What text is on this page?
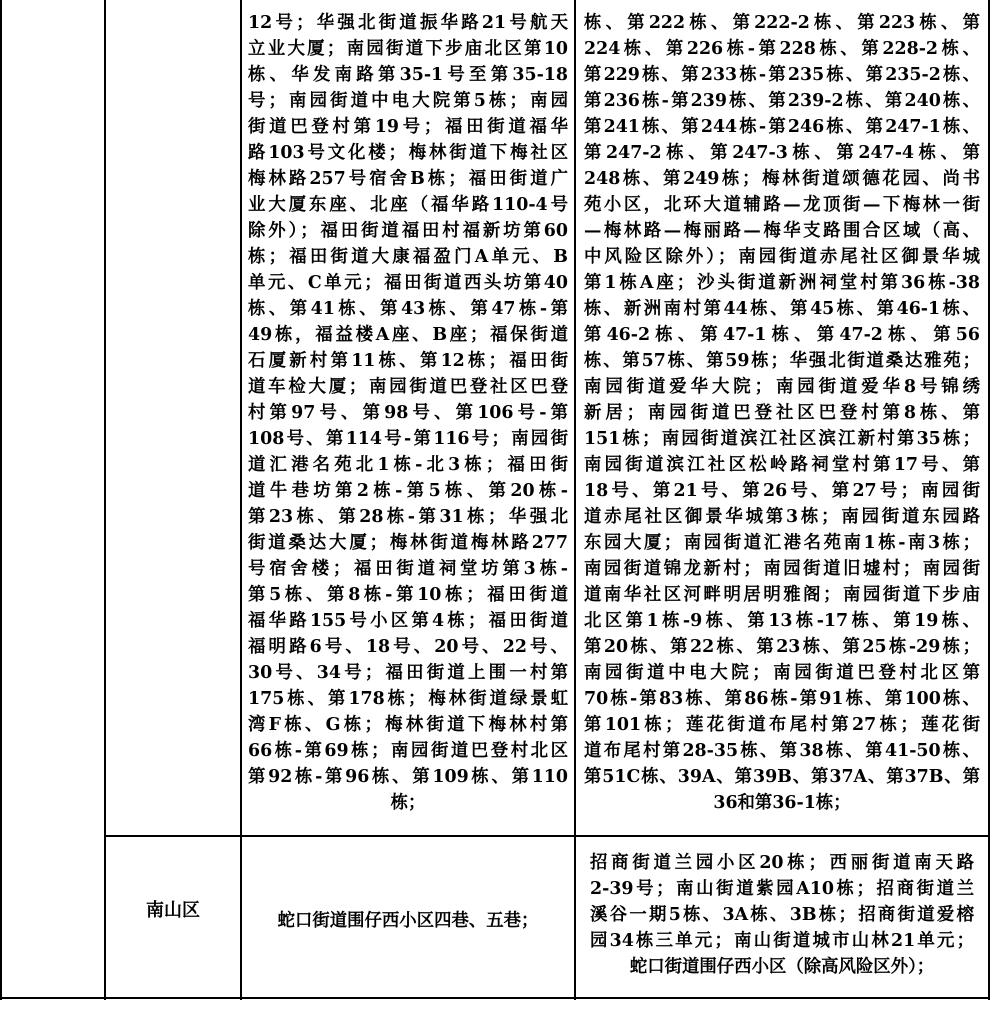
12号；华强北街道振华路21号航天
立业大厦；南园街道下步庙北区第10
栋、华发南路第35-1号至第35-18
号；南园街道中电大院第5栋；南园
街道巴登村第19号；福田街道福华
路103号文化楼；梅林街道下梅社区
梅林路257号宿舍B栋；福田街道广
业大厦东座、北座（福华路110-4号
除外）；福田街道福田村福新坊第60
栋；福田街道大康福盈门A单元、B
单元、C单元；福田街道西头坊第40
栋、第41栋、第43栋、第47栋-第
49栋，福益楼A座、B座；福保街道
石厦新村第11栋、第12栋；福田街
道车检大厦；南园街道巴登社区巴登
村第97号、第98号、第106号-第
108号、第114号-第116号；南园街
道汇港名苑北1栋-北3栋；福田街
道牛巷坊第2栋-第5栋、第20栋-
第23栋、第28栋-第31栋；华强北
街道桑达大厦；梅林街道梅林路277
号宿舍楼；福田街道祠堂坊第3栋-
第5栋、第8栋-第10栋；福田街道
福华路155号小区第4栋；福田街道
福明路6号、18号、20号、22号、
30号、34号；福田街道上围一村第
175栋、第178栋；梅林街道绿景虹
湾F栋、G栋；梅林街道下梅林村第
66栋-第69栋；南园街道巴登村北区
第92栋-第96栋、第109栋、第110
栋；
栋、第222栋、第222-2栋、第223栋、第
224栋、第226栋-第228栋、第228-2栋、
第229栋、第233栋-第235栋、第235-2栋、
第236栋-第239栋、第239-2栋、第240栋、
第241栋、第244栋-第246栋、第247-1栋、
第247-2栋、第247-3栋、第247-4栋、第
248栋、第249栋；梅林街道颂德花园、尚书
苑小区，北环大道辅路—龙顶街—下梅林一街
—梅林路—梅丽路—梅华支路围合区域（高、
中风险区除外）；南园街道赤尾社区御景华城
第1栋A座；沙头街道新洲祠堂村第36栋-38
栋、新洲南村第44栋、第45栋、第46-1栋、
第46-2栋、第47-1栋、第47-2栋、第56
栋、第57栋、第59栋；华强北街道桑达雅苑；
南园街道爱华大院；南园街道爱华8号锦绣
新居；南园街道巴登社区巴登村第8栋、第
151栋；南园街道滨江社区滨江新村第35栋；
南园街道滨江社区松岭路祠堂村第17号、第
18号、第21号、第26号、第27号；南园街
道赤尾社区御景华城第3栋；南园街道东园路
东园大厦；南园街道汇港名苑南1栋-南3栋；
南园街道锦龙新村；南园街道旧墟村；南园街
道南华社区河畔明居明雅阁；南园街道下步庙
北区第1栋-9栋、第13栋-17栋、第19栋、
第20栋、第22栋、第23栋、第25栋-29栋；
南园街道中电大院；南园街道巴登村北区第
70栋-第83栋、第86栋-第91栋、第100栋、
第101栋；莲花街道布尾村第27栋；莲花街
道布尾村第28-35栋、第38栋、第41-50栋、
第51C栋、39A、第39B、第37A、第37B、第
36和第36-1栋；
南山区	蛇口街道围仔西小区四巷、五巷；
招商街道兰园小区20栋；西丽街道南天路
2-39号；南山街道紫园A10栋；招商街道兰
溪谷一期5栋、3A栋、3B栋；招商街道爱榕
园34栋三单元；南山街道城市山林21单元；
蛇口街道围仔西小区（除高风险区外）；
